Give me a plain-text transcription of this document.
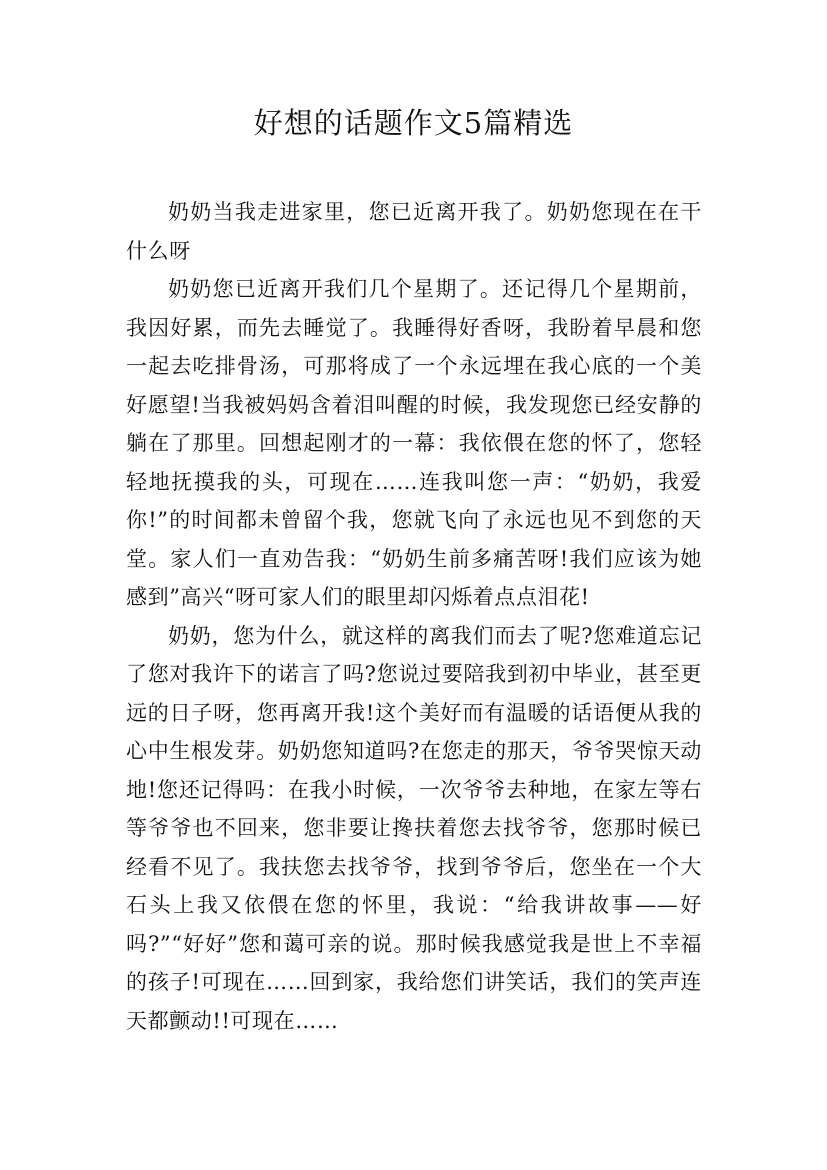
好想的话题作文5篇精选

奶奶当我走进家里，您已近离开我了。奶奶您现在在干什么呀

奶奶您已近离开我们几个星期了。还记得几个星期前，我因好累，而先去睡觉了。我睡得好香呀，我盼着早晨和您一起去吃排骨汤，可那将成了一个永远埋在我心底的一个美好愿望!当我被妈妈含着泪叫醒的时候，我发现您已经安静的躺在了那里。回想起刚才的一幕：我依偎在您的怀了，您轻轻地抚摸我的头，可现在……连我叫您一声：“奶奶，我爱你!”的时间都未曾留个我，您就飞向了永远也见不到您的天堂。家人们一直劝告我：“奶奶生前多痛苦呀!我们应该为她感到”高兴“呀可家人们的眼里却闪烁着点点泪花!

奶奶，您为什么，就这样的离我们而去了呢?您难道忘记了您对我许下的诺言了吗?您说过要陪我到初中毕业，甚至更远的日子呀，您再离开我!这个美好而有温暖的话语便从我的心中生根发芽。奶奶您知道吗?在您走的那天，爷爷哭惊天动地!您还记得吗：在我小时候，一次爷爷去种地，在家左等右等爷爷也不回来，您非要让搀扶着您去找爷爷，您那时候已经看不见了。我扶您去找爷爷，找到爷爷后，您坐在一个大石头上我又依偎在您的怀里，我说：“给我讲故事——好吗?”“好好”您和蔼可亲的说。那时候我感觉我是世上不幸福的孩子!可现在……回到家，我给您们讲笑话，我们的笑声连天都颤动!!可现在……
